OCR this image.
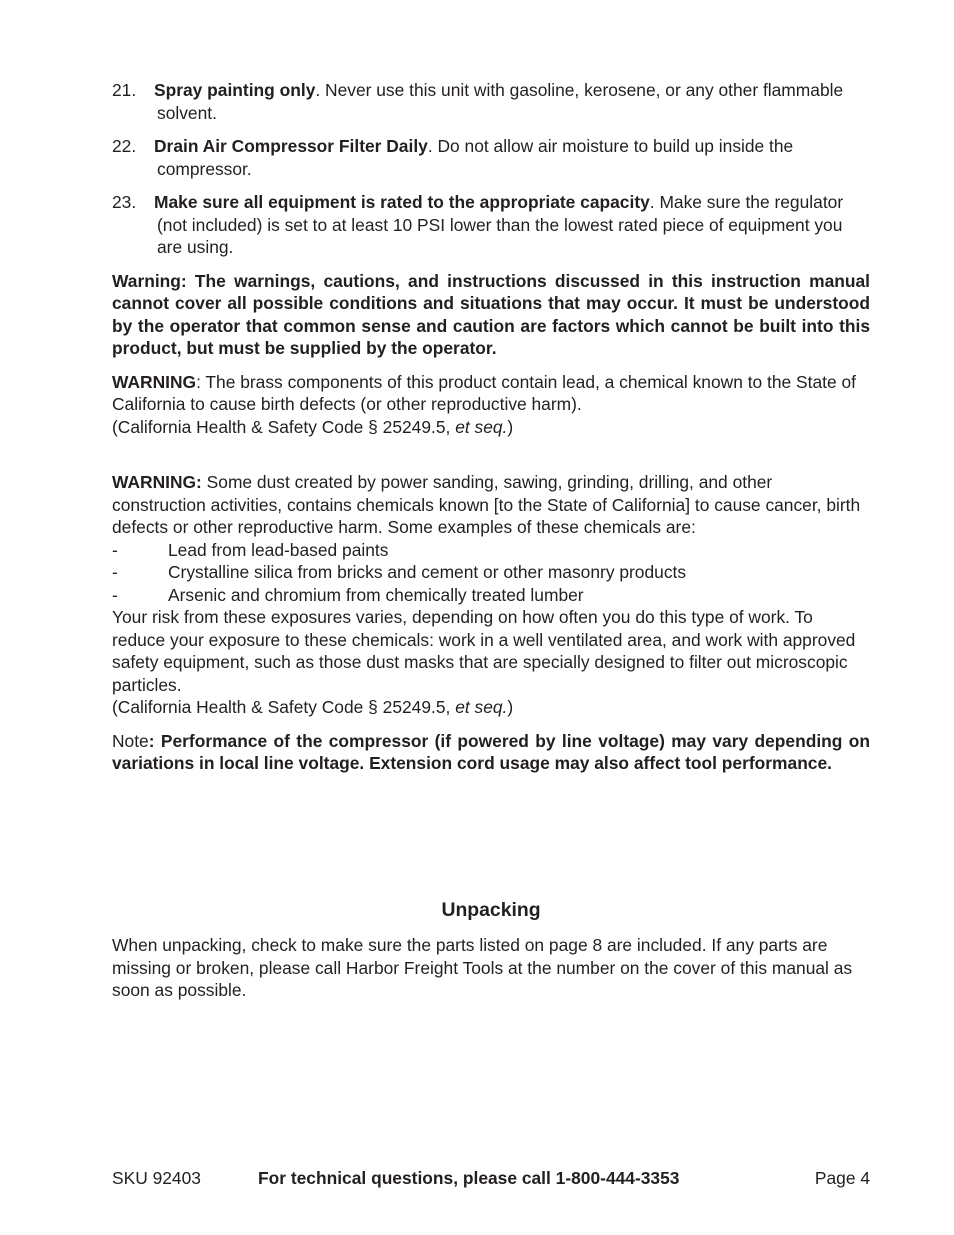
21. Spray painting only. Never use this unit with gasoline, kerosene, or any other flammable solvent.
22. Drain Air Compressor Filter Daily. Do not allow air moisture to build up inside the compressor.
23. Make sure all equipment is rated to the appropriate capacity. Make sure the regulator (not included) is set to at least 10 PSI lower than the lowest rated piece of equipment you are using.

Warning: The warnings, cautions, and instructions discussed in this instruction manual cannot cover all possible conditions and situations that may occur. It must be understood by the operator that common sense and caution are factors which cannot be built into this product, but must be supplied by the operator.

WARNING: The brass components of this product contain lead, a chemical known to the State of California to cause birth defects (or other reproductive harm).
(California Health & Safety Code § 25249.5, et seq.)
WARNING: Some dust created by power sanding, sawing, grinding, drilling, and other construction activities, contains chemicals known [to the State of California] to cause cancer, birth defects or other reproductive harm. Some examples of these chemicals are:
-	Lead from lead-based paints
-	Crystalline silica from bricks and cement or other masonry products
-	Arsenic and chromium from chemically treated lumber
Your risk from these exposures varies, depending on how often you do this type of work. To reduce your exposure to these chemicals: work in a well ventilated area, and work with approved safety equipment, such as those dust masks that are specially designed to filter out microscopic particles.
(California Health & Safety Code § 25249.5, et seq.)

Note: Performance of the compressor (if powered by line voltage) may vary depending on variations in local line voltage. Extension cord usage may also affect tool performance.

Unpacking

When unpacking, check to make sure the parts listed on page 8 are included. If any parts are missing or broken, please call Harbor Freight Tools at the number on the cover of this manual as soon as possible.

SKU 92403	For technical questions, please call 1-800-444-3353	Page 4
